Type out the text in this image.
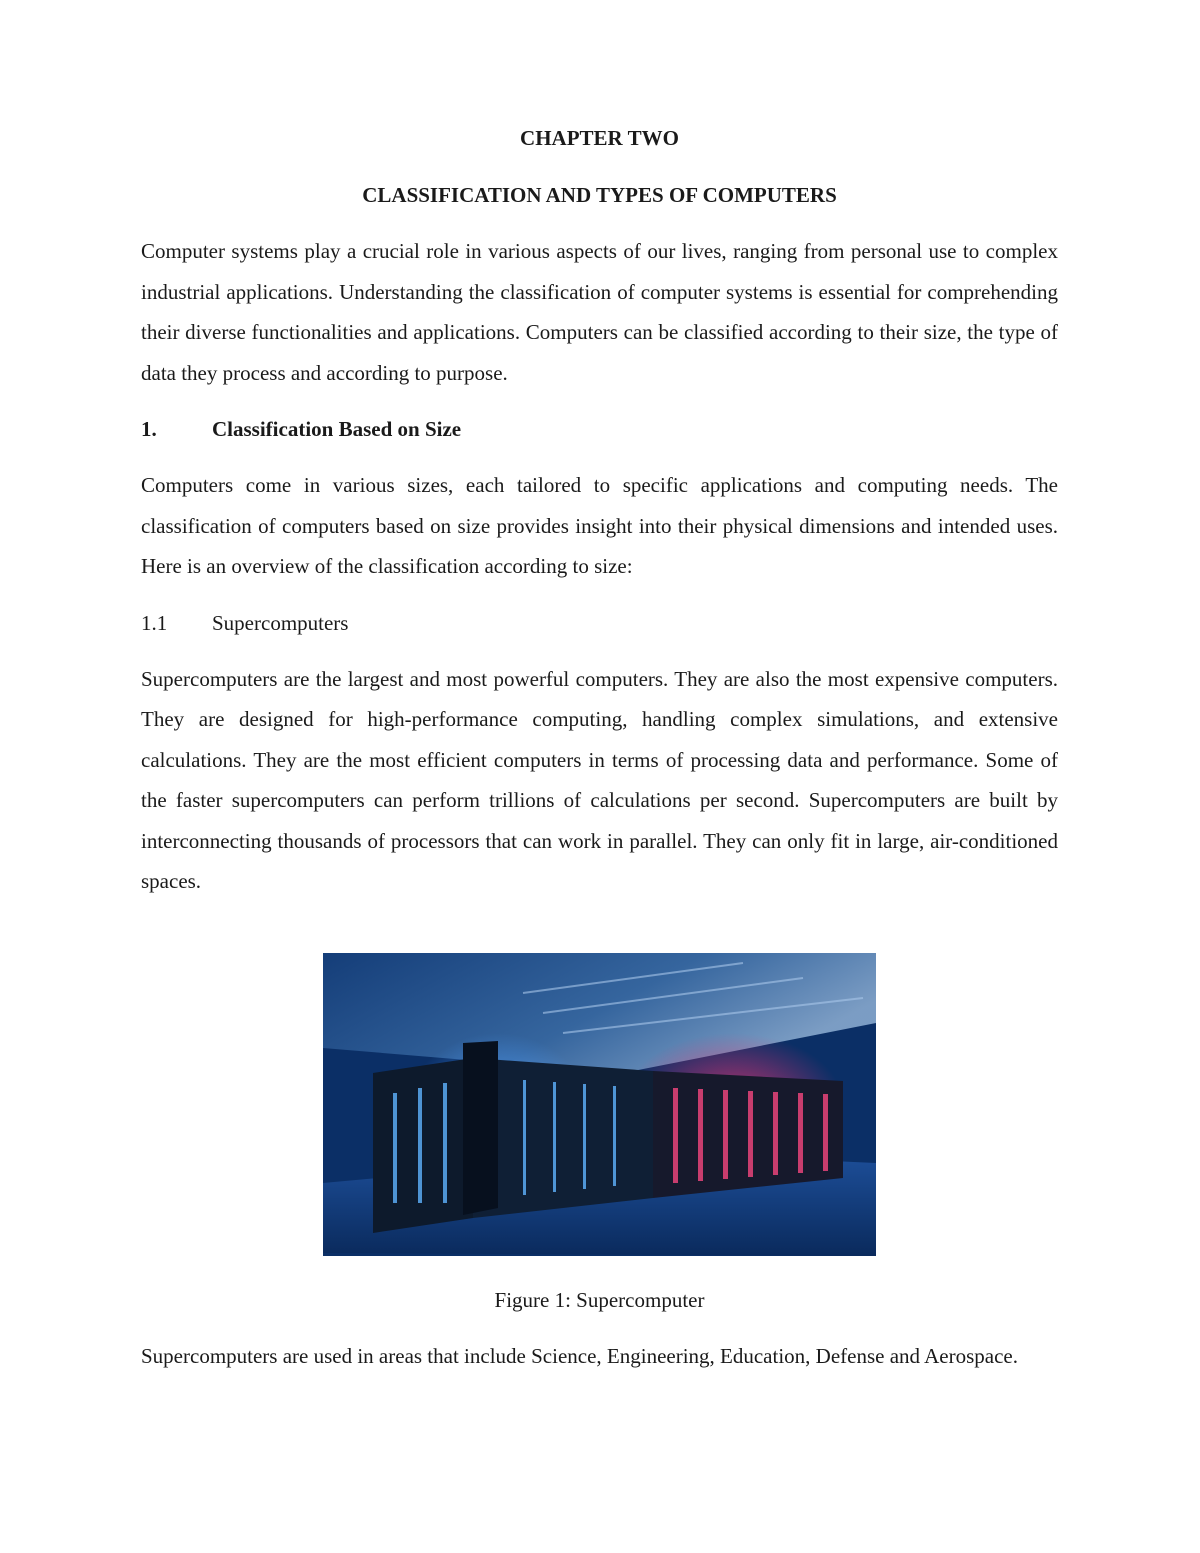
CHAPTER TWO
CLASSIFICATION AND TYPES OF COMPUTERS

Computer systems play a crucial role in various aspects of our lives, ranging from personal use to complex industrial applications. Understanding the classification of computer systems is essential for comprehending their diverse functionalities and applications. Computers can be classified according to their size, the type of data they process and according to purpose.

1.	Classification Based on Size

Computers come in various sizes, each tailored to specific applications and computing needs. The classification of computers based on size provides insight into their physical dimensions and intended uses. Here is an overview of the classification according to size:

1.1	Supercomputers

Supercomputers are the largest and most powerful computers. They are also the most expensive computers. They are designed for high-performance computing, handling complex simulations, and extensive calculations. They are the most efficient computers in terms of processing data and performance. Some of the faster supercomputers can perform trillions of calculations per second. Supercomputers are built by interconnecting thousands of processors that can work in parallel. They can only fit in large, air-conditioned spaces.

Figure 1: Supercomputer

Supercomputers are used in areas that include Science, Engineering, Education, Defense and Aerospace.
